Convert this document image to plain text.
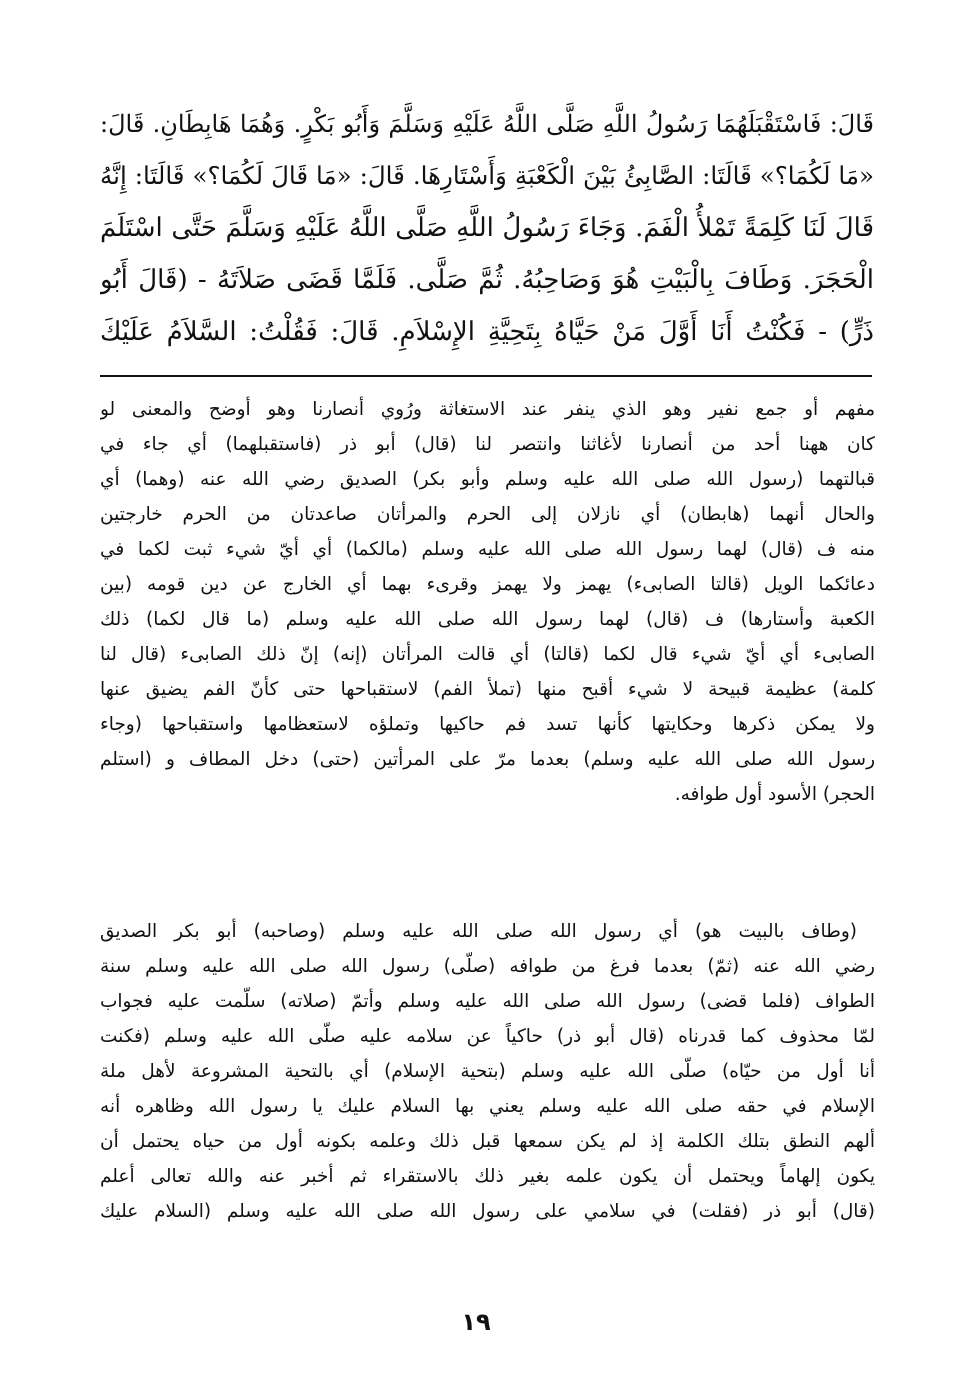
قَالَ: فَاسْتَقْبَلَهُمَا رَسُولُ اللَّهِ صَلَّى اللَّهُ عَلَيْهِ وَسَلَّمَ وَأَبُو بَكْرٍ. وَهُمَا هَابِطَانِ. قَالَ:
«مَا لَكُمَا؟» قَالَتَا: الصَّابِئُ بَيْنَ الْكَعْبَةِ وَأَسْتَارِهَا. قَالَ: «مَا قَالَ لَكُمَا؟» قَالَتَا: إِنَّهُ
قَالَ لَنَا كَلِمَةً تَمْلأُ الْفَمَ. وَجَاءَ رَسُولُ اللَّهِ صَلَّى اللَّهُ عَلَيْهِ وَسَلَّمَ حَتَّى اسْتَلَمَ
الْحَجَرَ. وَطَافَ بِالْبَيْتِ هُوَ وَصَاحِبُهُ. ثُمَّ صَلَّى. فَلَمَّا قَضَى صَلاَتَهُ - (قَالَ أَبُو
ذَرٍّ) - فَكُنْتُ أَنَا أَوَّلَ مَنْ حَيَّاهُ بِتَحِيَّةِ الإِسْلاَمِ. قَالَ: فَقُلْتُ: السَّلاَمُ عَلَيْكَ
مفهم أو جمع نفير وهو الذي ينفر عند الاستغاثة ورُوي أنصارنا وهو أوضح والمعنى لو
كان ههنا أحد من أنصارنا لأغاثنا وانتصر لنا (قال) أبو ذر (فاستقبلهما) أي جاء في
قبالتهما (رسول الله صلى الله عليه وسلم وأبو بكر) الصديق رضي الله عنه (وهما) أي
والحال أنهما (هابطان) أي نازلان إلى الحرم والمرأتان صاعدتان من الحرم خارجتين
منه ف (قال) لهما رسول الله صلى الله عليه وسلم (مالكما) أي أيّ شيء ثبت لكما في
دعائكما الويل (قالتا الصابىء) يهمز ولا يهمز وقرىء بهما أي الخارج عن دين قومه (بين
الكعبة وأستارها) ف (قال) لهما رسول الله صلى الله عليه وسلم (ما قال لكما) ذلك
الصابىء أي أيّ شيء قال لكما (قالتا) أي قالت المرأتان (إنه) إنّ ذلك الصابىء (قال لنا
كلمة) عظيمة قبيحة لا شيء أقبح منها (تملأ الفم) لاستقباحها حتى كأنّ الفم يضيق عنها
ولا يمكن ذكرها وحكايتها كأنها تسد فم حاكيها وتملؤه لاستعظامها واستقباحها (وجاء
رسول الله صلى الله عليه وسلم) بعدما مرّ على المرأتين (حتى) دخل المطاف و (استلم
الحجر) الأسود أول طوافه.
(وطاف بالبيت هو) أي رسول الله صلى الله عليه وسلم (وصاحبه) أبو بكر الصديق
رضي الله عنه (ثمّ) بعدما فرغ من طوافه (صلّى) رسول الله صلى الله عليه وسلم سنة
الطواف (فلما قضى) رسول الله صلى الله عليه وسلم وأتمّ (صلاته) سلّمت عليه فجواب
لمّا محذوف كما قدرناه (قال أبو ذر) حاكياً عن سلامه عليه صلّى الله عليه وسلم (فكنت
أنا أول من حيّاه) صلّى الله عليه وسلم (بتحية الإسلام) أي بالتحية المشروعة لأهل ملة
الإسلام في حقه صلى الله عليه وسلم يعني بها السلام عليك يا رسول الله وظاهره أنه
ألهم النطق بتلك الكلمة إذ لم يكن سمعها قبل ذلك وعلمه بكونه أول من حياه يحتمل أن
يكون إلهاماً ويحتمل أن يكون علمه بغير ذلك بالاستقراء ثم أخبر عنه والله تعالى أعلم
(قال) أبو ذر (فقلت) في سلامي على رسول الله صلى الله عليه وسلم (السلام عليك
١٩
